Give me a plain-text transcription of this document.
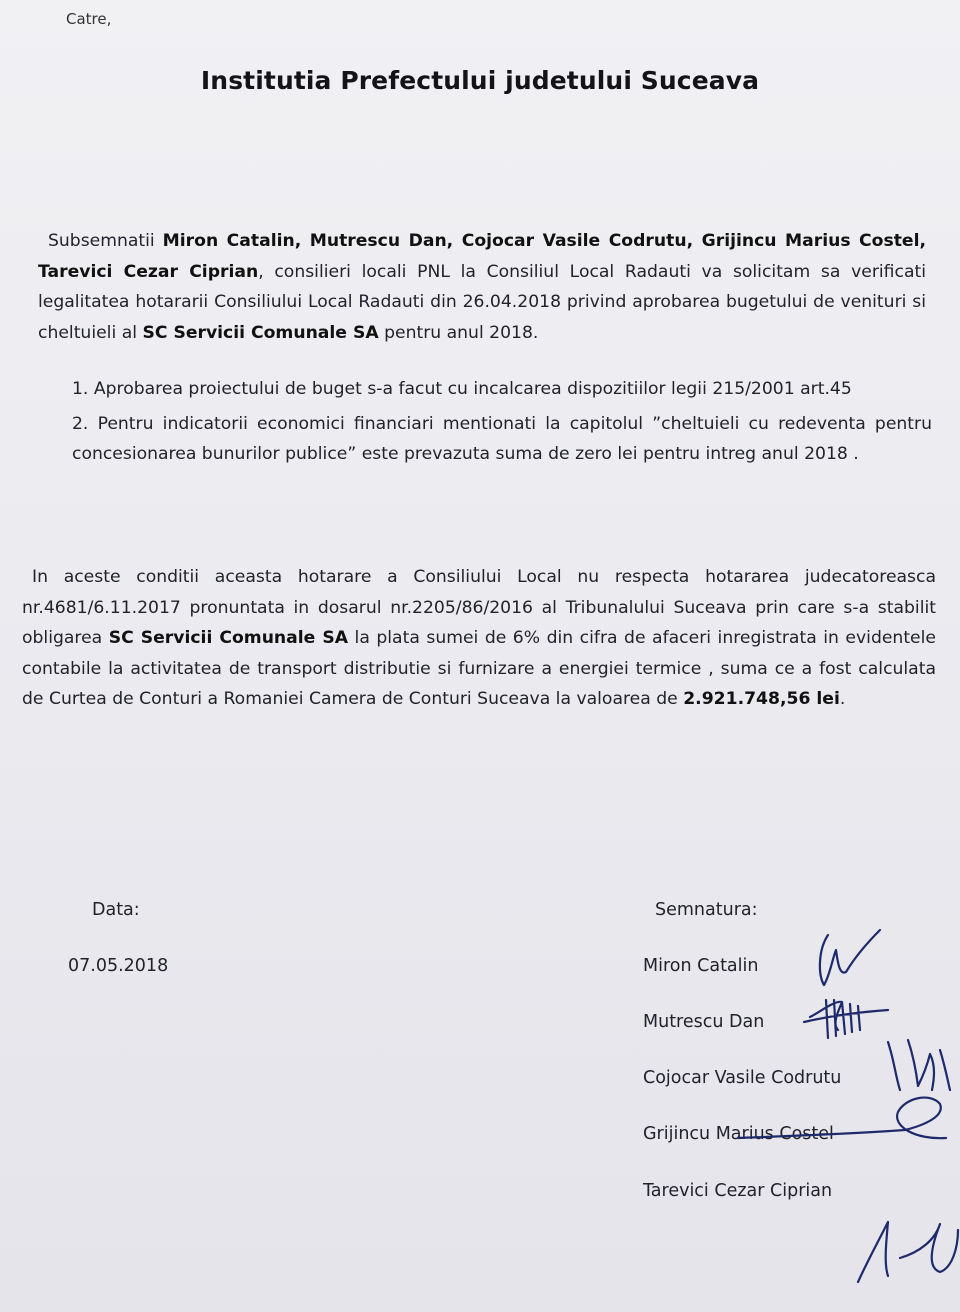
Catre,
Institutia Prefectului judetului Suceava
Subsemnatii Miron Catalin, Mutrescu Dan, Cojocar Vasile Codrutu, Grijincu Marius Costel, Tarevici Cezar Ciprian, consilieri locali PNL la Consiliul Local Radauti va solicitam sa verificati legalitatea hotararii Consiliului Local Radauti din 26.04.2018 privind aprobarea bugetului de venituri si cheltuieli al SC Servicii Comunale SA pentru anul 2018.
1. Aprobarea proiectului de buget s-a facut cu incalcarea dispozitiilor legii 215/2001 art.45
2. Pentru indicatorii economici financiari mentionati la capitolul ”cheltuieli cu redeventa pentru concesionarea bunurilor publice” este prevazuta suma de zero lei pentru intreg anul 2018 .
In aceste conditii aceasta hotarare a Consiliului Local nu respecta hotararea judecatoreasca nr.4681/6.11.2017 pronuntata in dosarul nr.2205/86/2016 al Tribunalului Suceava prin care s-a stabilit obligarea SC Servicii Comunale SA la plata sumei de 6% din cifra de afaceri inregistrata in evidentele contabile la activitatea de transport distributie si furnizare a energiei termice , suma ce a fost calculata de Curtea de Conturi a Romaniei Camera de Conturi Suceava la valoarea de 2.921.748,56 lei.
Data:
07.05.2018
Semnatura:
Miron Catalin
Mutrescu Dan
Cojocar Vasile Codrutu
Grijincu Marius Costel
Tarevici Cezar Ciprian
